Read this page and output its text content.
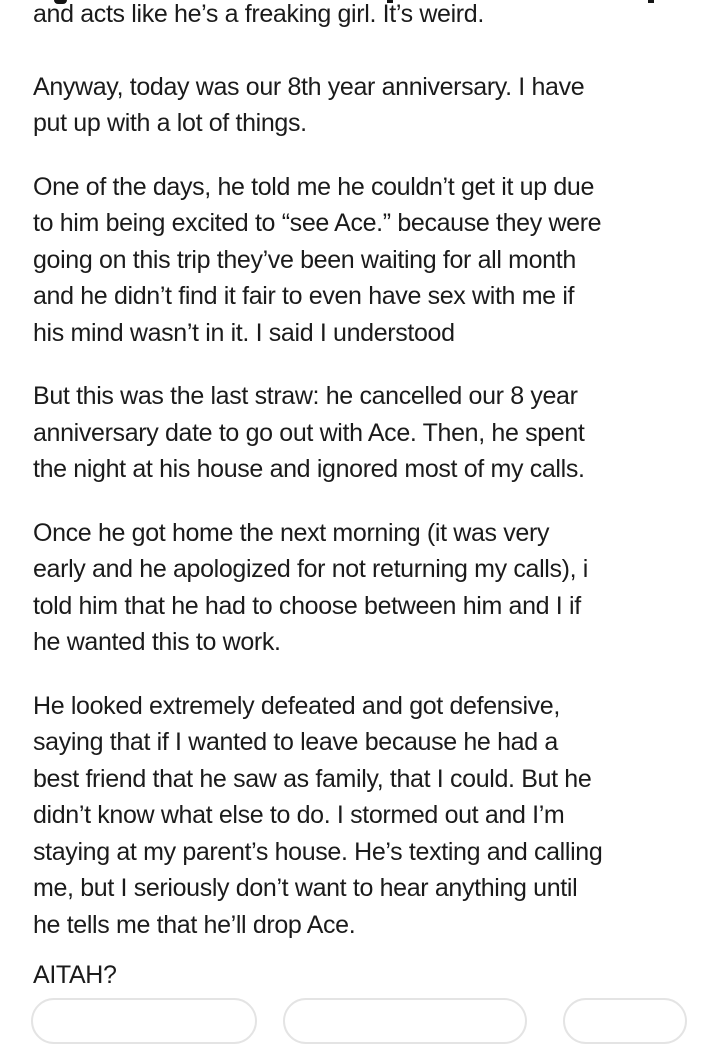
and acts like he’s a freaking girl. It’s weird.

Anyway, today was our 8th year anniversary. I have
put up with a lot of things.

One of the days, he told me he couldn’t get it up due
to him being excited to “see Ace.” because they were
going on this trip they’ve been waiting for all month
and he didn’t find it fair to even have sex with me if
his mind wasn’t in it. I said I understood

But this was the last straw: he cancelled our 8 year
anniversary date to go out with Ace. Then, he spent
the night at his house and ignored most of my calls.

Once he got home the next morning (it was very
early and he apologized for not returning my calls), i
told him that he had to choose between him and I if
he wanted this to work.

He looked extremely defeated and got defensive,
saying that if I wanted to leave because he had a
best friend that he saw as family, that I could. But he
didn’t know what else to do. I stormed out and I’m
staying at my parent’s house. He’s texting and calling
me, but I seriously don’t want to hear anything until
he tells me that he’ll drop Ace.

AITAH?
